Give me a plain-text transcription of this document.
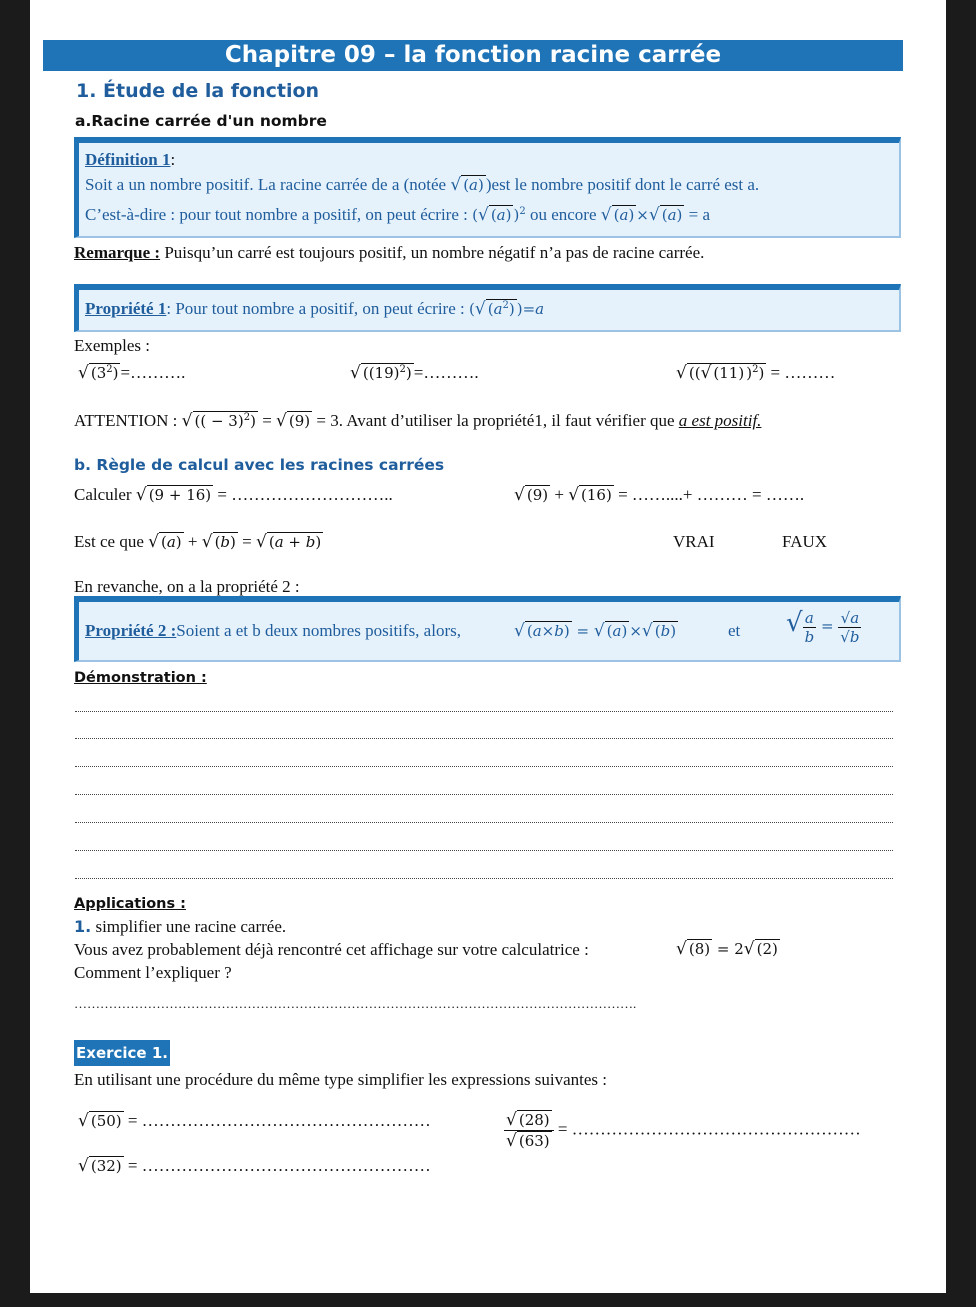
Chapitre 09 – la fonction racine carrée
1. Étude de la fonction
a.Racine carrée d'un nombre
Définition 1:
Soit a un nombre positif. La racine carrée de a (notée √ (a) )est le nombre positif dont le carré est a.
C’est-à-dire : pour tout nombre a positif, on peut écrire : (√ (a) )$^2$ ou encore √ (a) ×√ (a) = a
Remarque : Puisqu’un carré est toujours positif, un nombre négatif n’a pas de racine carrée.
Propriété 1: Pour tout nombre a positif, on peut écrire : (√ $(a^2)$ )=a
Exemples :
√ $(3^2)$ =……….	√ $((19)^2)$ =……….	√ ((√ (11) )$^2$) = ………
ATTENTION : √ (( − 3)$^2$) = √ (9) = 3. Avant d’utiliser la propriété1, il faut vérifier que a est positif.
b. Règle de calcul avec les racines carrées
Calculer √ (9 + 16) = ………………………..	√ (9) + √ (16) = ……....+ ……… = …….
Est ce que √ (a) + √ (b) = √ (a + b)	VRAI	FAUX
En revanche, on a la propriété 2 :
Propriété 2 :Soient a et b deux nombres positifs, alors,	√ (a×b) = √ (a) ×√ (b)	et √ $\frac{a}{b} = \frac{√a}{√b}$
Démonstration :
Applications :
1. simplifier une racine carrée.
Vous avez probablement déjà rencontré cet affichage sur votre calculatrice :	√ (8) = 2√ (2)
Comment l’expliquer ?
………………………………………………………………………………………………………………….
Exercice 1.
En utilisant une procédure du même type simplifier les expressions suivantes :
√ (50) = ……………………………………………	$\frac{√ (28)}{√ (63)}$ = ……………………………………………
√ (32) = ……………………………………………
